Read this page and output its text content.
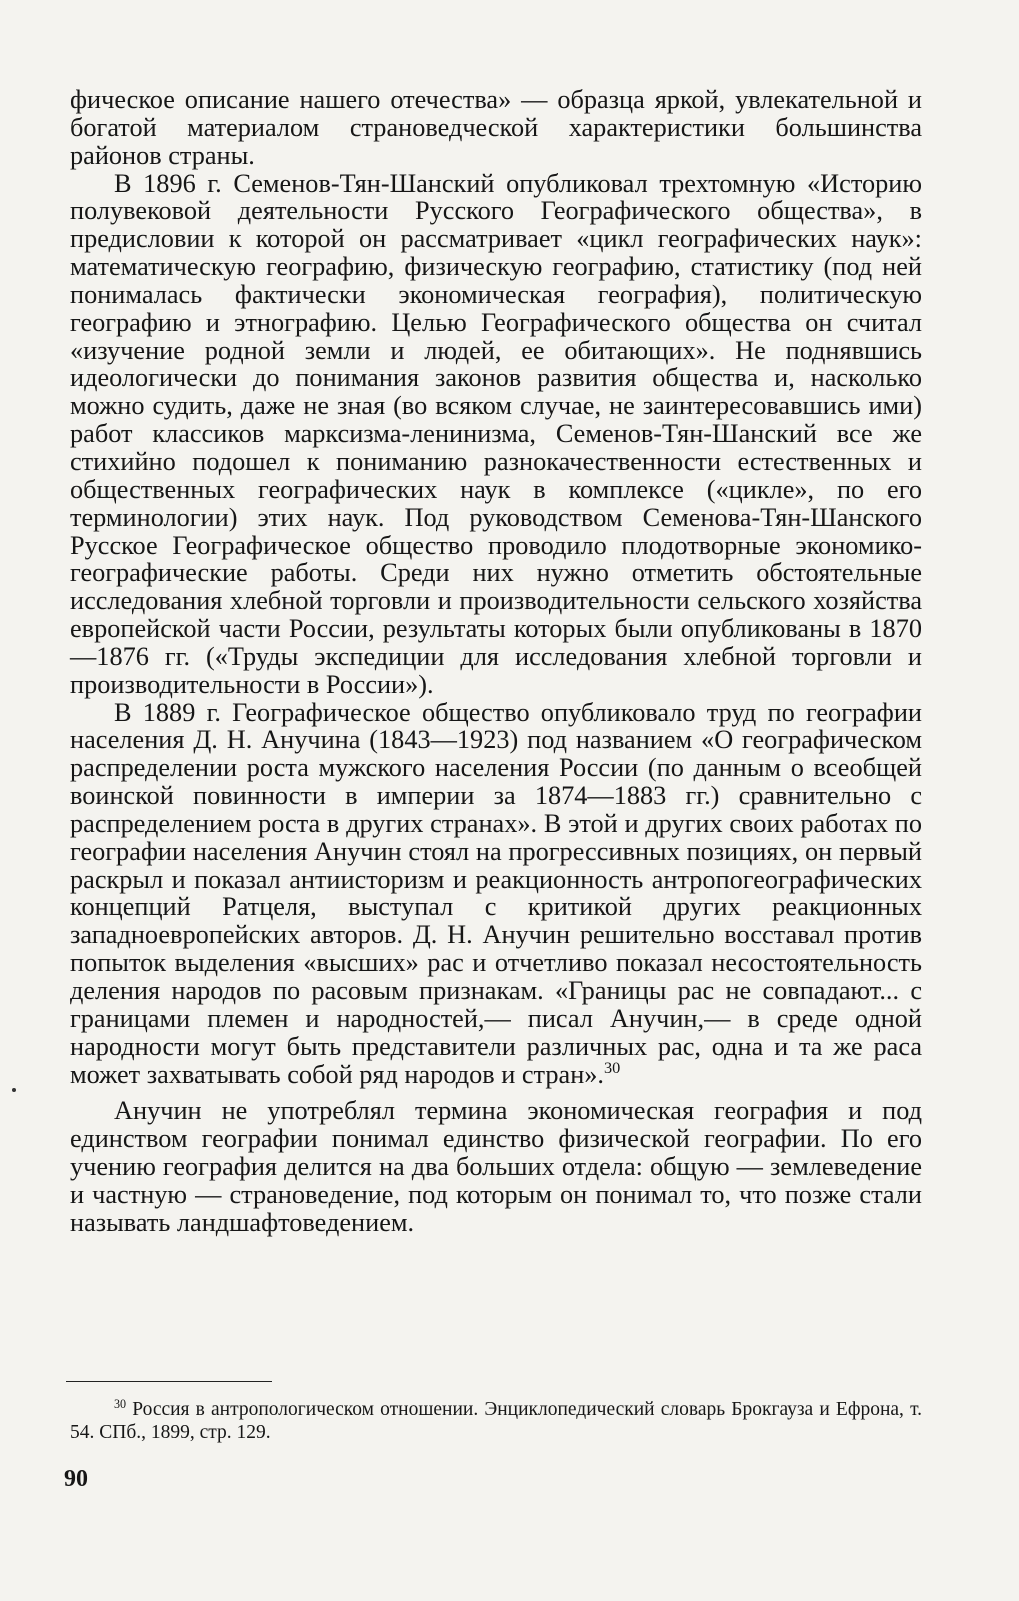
фическое описание нашего отечества» — образца яркой, увлекательной и богатой материалом страноведческой характеристики большинства районов страны.

В 1896 г. Семенов-Тян-Шанский опубликовал трехтомную «Историю полувековой деятельности Русского Географического общества», в предисловии к которой он рассматривает «цикл географических наук»: математическую географию, физическую географию, статистику (под ней понималась фактически экономическая география), политическую географию и этнографию. Целью Географического общества он считал «изучение родной земли и людей, ее обитающих». Не поднявшись идеологически до понимания законов развития общества и, насколько можно судить, даже не зная (во всяком случае, не заинтересовавшись ими) работ классиков марксизма-ленинизма, Семенов-Тян-Шанский все же стихийно подошел к пониманию разнокачественности естественных и общественных географических наук в комплексе («цикле», по его терминологии) этих наук. Под руководством Семенова-Тян-Шанского Русское Географическое общество проводило плодотворные экономико-географические работы. Среди них нужно отметить обстоятельные исследования хлебной торговли и производительности сельского хозяйства европейской части России, результаты которых были опубликованы в 1870—1876 гг. («Труды экспедиции для исследования хлебной торговли и производительности в России»).

В 1889 г. Географическое общество опубликовало труд по географии населения Д. Н. Анучина (1843—1923) под названием «О географическом распределении роста мужского населения России (по данным о всеобщей воинской повинности в империи за 1874—1883 гг.) сравнительно с распределением роста в других странах». В этой и других своих работах по географии населения Анучин стоял на прогрессивных позициях, он первый раскрыл и показал антиисторизм и реакционность антропогеографических концепций Ратцеля, выступал с критикой других реакционных западноевропейских авторов. Д. Н. Анучин решительно восставал против попыток выделения «высших» рас и отчетливо показал несостоятельность деления народов по расовым признакам. «Границы рас не совпадают... с границами племен и народностей,— писал Анучин,— в среде одной народности могут быть представители различных рас, одна и та же раса может захватывать собой ряд народов и стран».$^{30}$

Анучин не употреблял термина экономическая география и под единством географии понимал единство физической географии. По его учению география делится на два больших отдела: общую — землеведение и частную — страноведение, под которым он понимал то, что позже стали называть ландшафтоведением.

$^{30}$ Россия в антропологическом отношении. Энциклопедический словарь Брокгауза и Ефрона, т. 54. СПб., 1899, стр. 129.
90
